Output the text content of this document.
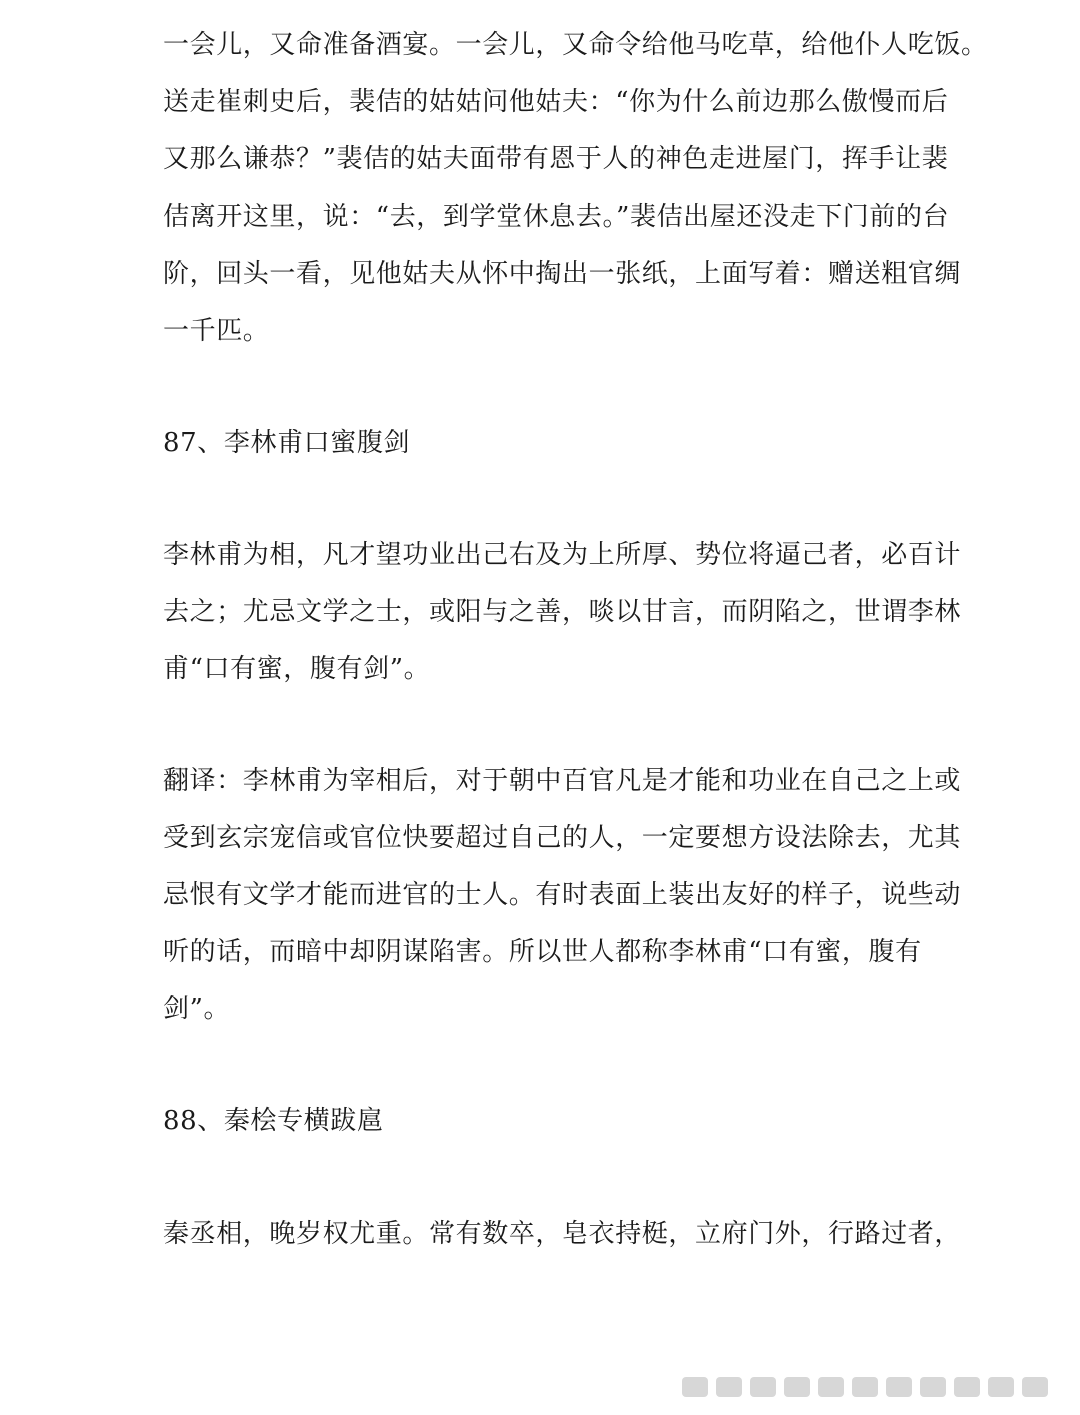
一会儿，又命准备酒宴。一会儿，又命令给他马吃草，给他仆人吃饭。
送走崔刺史后，裴佶的姑姑问他姑夫：“你为什么前边那么傲慢而后
又那么谦恭？”裴佶的姑夫面带有恩于人的神色走进屋门，挥手让裴
佶离开这里，说：“去，到学堂休息去。”裴佶出屋还没走下门前的台
阶，回头一看，见他姑夫从怀中掏出一张纸，上面写着：赠送粗官绸
一千匹。
87、李林甫口蜜腹剑
李林甫为相，凡才望功业出己右及为上所厚、势位将逼己者，必百计
去之；尤忌文学之士，或阳与之善，啖以甘言，而阴陷之，世谓李林
甫“口有蜜，腹有剑”。
翻译：李林甫为宰相后，对于朝中百官凡是才能和功业在自己之上或
受到玄宗宠信或官位快要超过自己的人，一定要想方设法除去，尤其
忌恨有文学才能而进官的士人。有时表面上装出友好的样子，说些动
听的话，而暗中却阴谋陷害。所以世人都称李林甫“口有蜜，腹有
剑”。
88、秦桧专横跋扈
秦丞相，晚岁权尤重。常有数卒，皂衣持梃，立府门外，行路过者，
